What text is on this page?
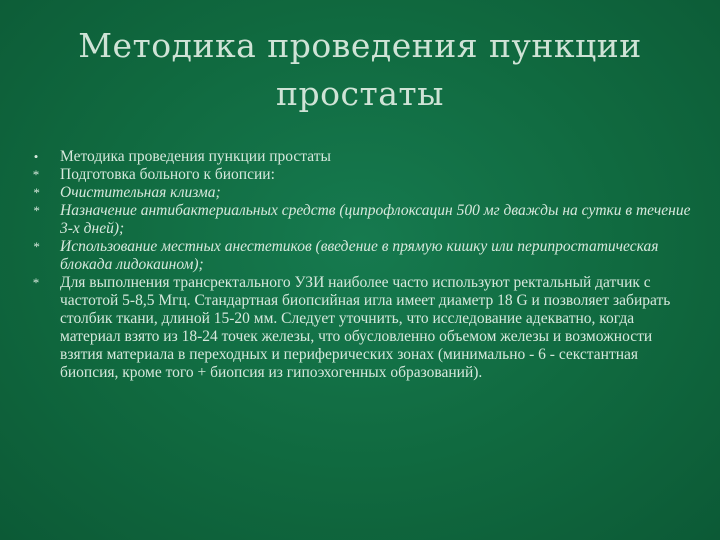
Методика проведения пункции простаты
•	Методика проведения пункции простаты
* Подготовка больного к биопсии:
* Очистительная клизма;
* Назначение антибактериальных средств (ципрофлоксацин 500 мг дважды на сутки в течение 3-х дней);
* Использование местных анестетиков (введение в прямую кишку или перипростатическая блокада лидокаином);
* Для выполнения трансректального УЗИ наиболее часто используют ректальный датчик с частотой 5-8,5 Мгц. Стандартная биопсийная игла имеет диаметр 18 G и позволяет забирать столбик ткани, длиной 15-20 мм. Следует уточнить, что исследование адекватно, когда материал взято из 18-24 точек железы, что обусловленно объемом железы и возможности взятия материала в переходных и периферических зонах (минимально - 6 - секстантная биопсия, кроме того + биопсия из гипоэхогенных образований).
